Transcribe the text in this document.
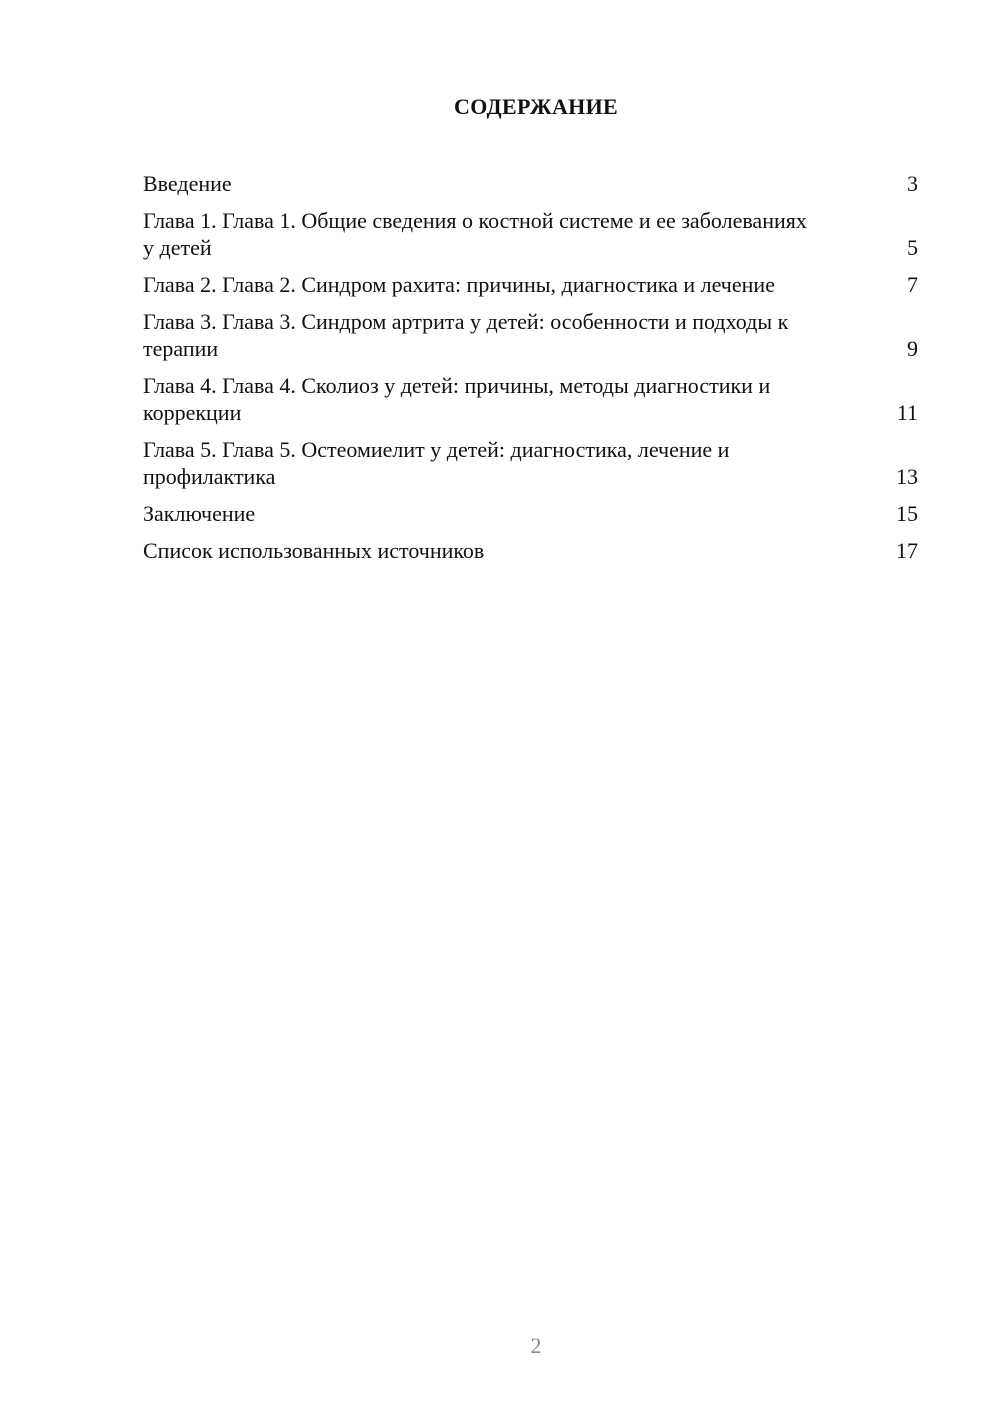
СОДЕРЖАНИЕ
Введение	3
Глава 1. Глава 1. Общие сведения о костной системе и ее заболеваниях у детей	5
Глава 2. Глава 2. Синдром рахита: причины, диагностика и лечение	7
Глава 3. Глава 3. Синдром артрита у детей: особенности и подходы к терапии	9
Глава 4. Глава 4. Сколиоз у детей: причины, методы диагностики и коррекции	11
Глава 5. Глава 5. Остеомиелит у детей: диагностика, лечение и профилактика	13
Заключение	15
Список использованных источников	17
2
